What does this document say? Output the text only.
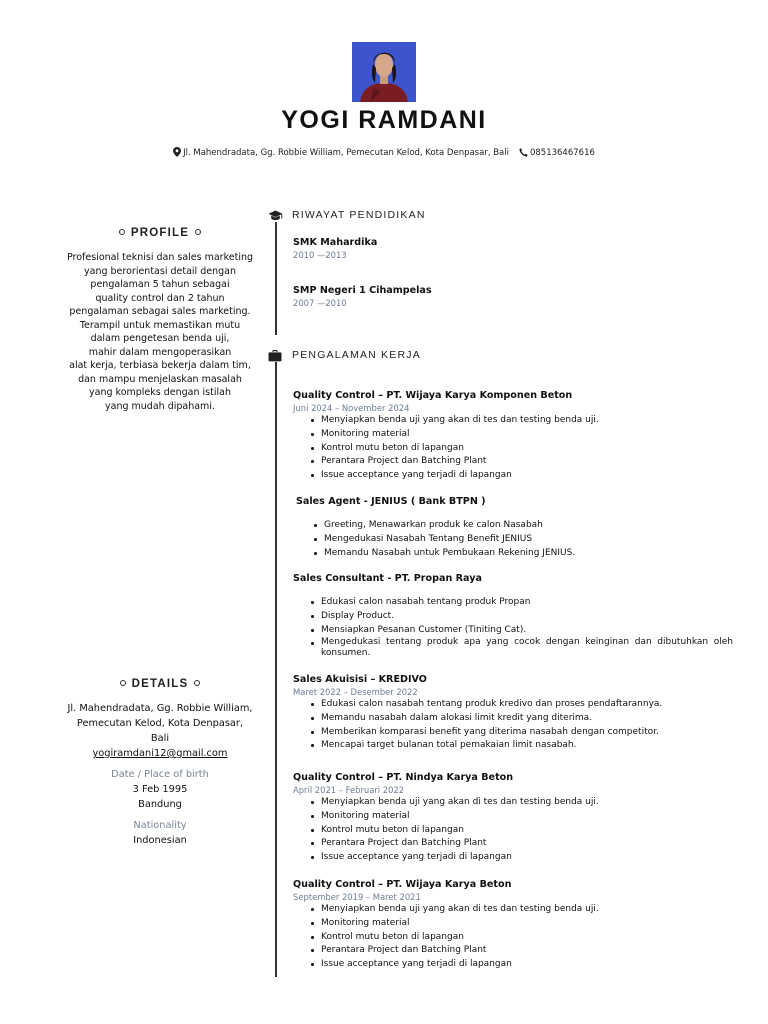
YOGI RAMDANI
Jl. Mahendradata, Gg. Robbie William, Pemecutan Kelod, Kota Denpasar, Bali 085136467616
PROFILE
Profesional teknisi dan sales marketing
yang berorientasi detail dengan
pengalaman 5 tahun sebagai
quality control dan 2 tahun
pengalaman sebagai sales marketing.
Terampil untuk memastikan mutu
dalam pengetesan benda uji,
mahir dalam mengoperasikan
alat kerja, terbiasa bekerja dalam tim,
dan mampu menjelaskan masalah
yang kompleks dengan istilah
yang mudah dipahami.
DETAILS
Jl. Mahendradata, Gg. Robbie William,
Pemecutan Kelod, Kota Denpasar,
Bali
yogiramdani12@gmail.com
Date / Place of birth
3 Feb 1995
Bandung
Nationality
Indonesian
RIWAYAT PENDIDIKAN
SMK Mahardika
2010 —2013
SMP Negeri 1 Cihampelas
2007 —2010
PENGALAMAN KERJA
Quality Control – PT. Wijaya Karya Komponen Beton
Juni 2024 – November 2024
Menyiapkan benda uji yang akan di tes dan testing benda uji.
Monitoring material
Kontrol mutu beton di lapangan
Perantara Project dan Batching Plant
Issue acceptance yang terjadi di lapangan
Sales Agent - JENIUS ( Bank BTPN )
Greeting, Menawarkan produk ke calon Nasabah
Mengedukasi Nasabah Tentang Benefit JENIUS
Memandu Nasabah untuk Pembukaan Rekening JENIUS.
Sales Consultant - PT. Propan Raya
Edukasi calon nasabah tentang produk Propan
Display Product.
Mensiapkan Pesanan Customer (Tiniting Cat).
Mengedukasi tentang produk apa yang cocok dengan keinginan dan dibutuhkan oleh konsumen.
Sales Akuisisi – KREDIVO
Maret 2022 – Desember 2022
Edukasi calon nasabah tentang produk kredivo dan proses pendaftarannya.
Memandu nasabah dalam alokasi limit kredit yang diterima.
Memberikan komparasi benefit yang diterima nasabah dengan competitor.
Mencapai target bulanan total pemakaian limit nasabah.
Quality Control – PT. Nindya Karya Beton
April 2021 – Februari 2022
Menyiapkan benda uji yang akan di tes dan testing benda uji.
Monitoring material
Kontrol mutu beton di lapangan
Perantara Project dan Batching Plant
Issue acceptance yang terjadi di lapangan
Quality Control – PT. Wijaya Karya Beton
September 2019 – Maret 2021
Menyiapkan benda uji yang akan di tes dan testing benda uji.
Monitoring material
Kontrol mutu beton di lapangan
Perantara Project dan Batching Plant
Issue acceptance yang terjadi di lapangan
